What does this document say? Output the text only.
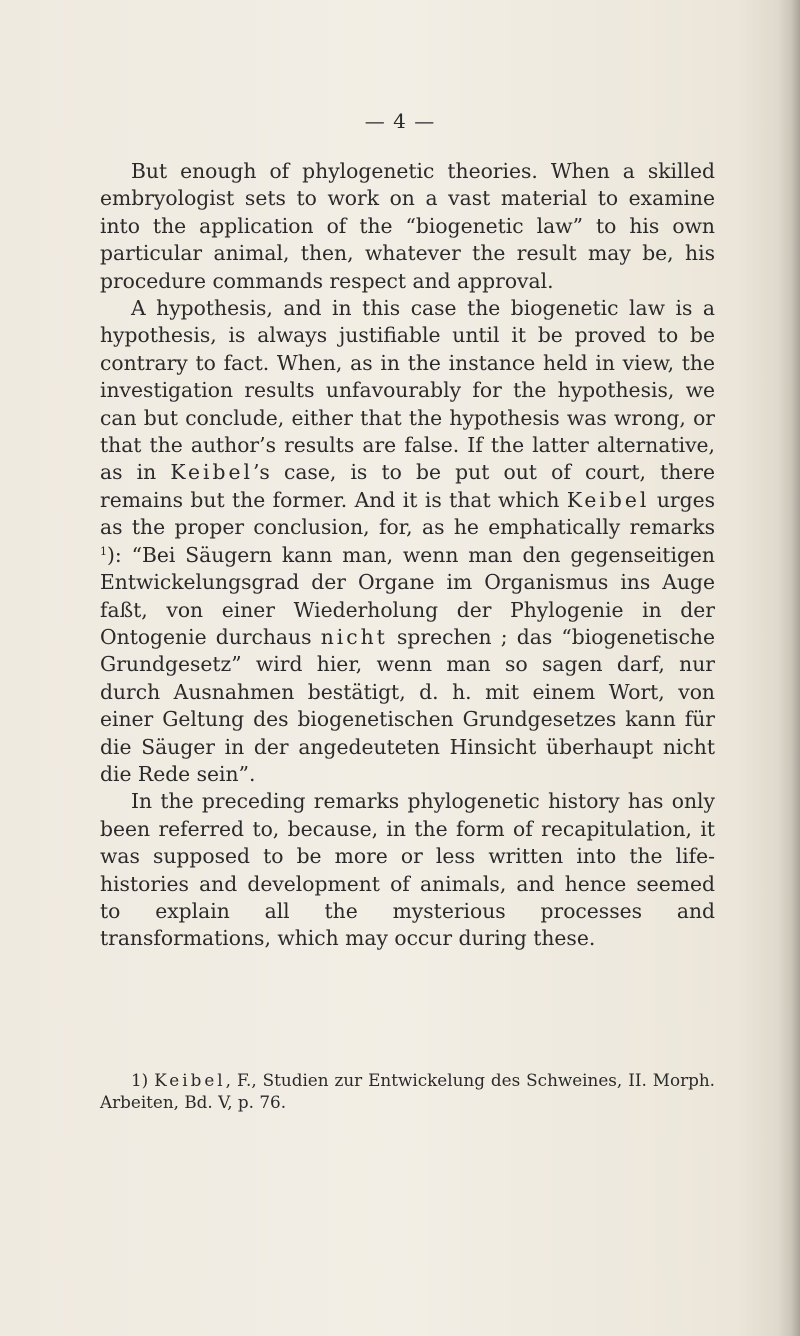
— 4 —

But enough of phylogenetic theories. When a skilled embryologist sets to work on a vast material to examine into the application of the “biogenetic law” to his own particular animal, then, whatever the result may be, his procedure commands respect and approval.

A hypothesis, and in this case the biogenetic law is a hypothesis, is always justifiable until it be proved to be contrary to fact. When, as in the instance held in view, the investigation results unfavourably for the hypothesis, we can but conclude, either that the hypothesis was wrong, or that the author’s results are false. If the latter alternative, as in Keibel’s case, is to be put out of court, there remains but the former. And it is that which Keibel urges as the proper conclusion, for, as he emphatically remarks $^1$): “Bei Säugern kann man, wenn man den gegenseitigen Entwickelungsgrad der Organe im Organismus ins Auge faßt, von einer Wiederholung der Phylogenie in der Ontogenie durchaus nicht sprechen ; das “biogenetische Grundgesetz” wird hier, wenn man so sagen darf, nur durch Ausnahmen bestätigt, d. h. mit einem Wort, von einer Geltung des biogenetischen Grundgesetzes kann für die Säuger in der angedeuteten Hinsicht überhaupt nicht die Rede sein”.

In the preceding remarks phylogenetic history has only been referred to, because, in the form of recapitulation, it was supposed to be more or less written into the life-histories and development of animals, and hence seemed to explain all the mysterious processes and transformations, which may occur during these.

1) Keibel, F., Studien zur Entwickelung des Schweines, II. Morph. Arbeiten, Bd. V, p. 76.
